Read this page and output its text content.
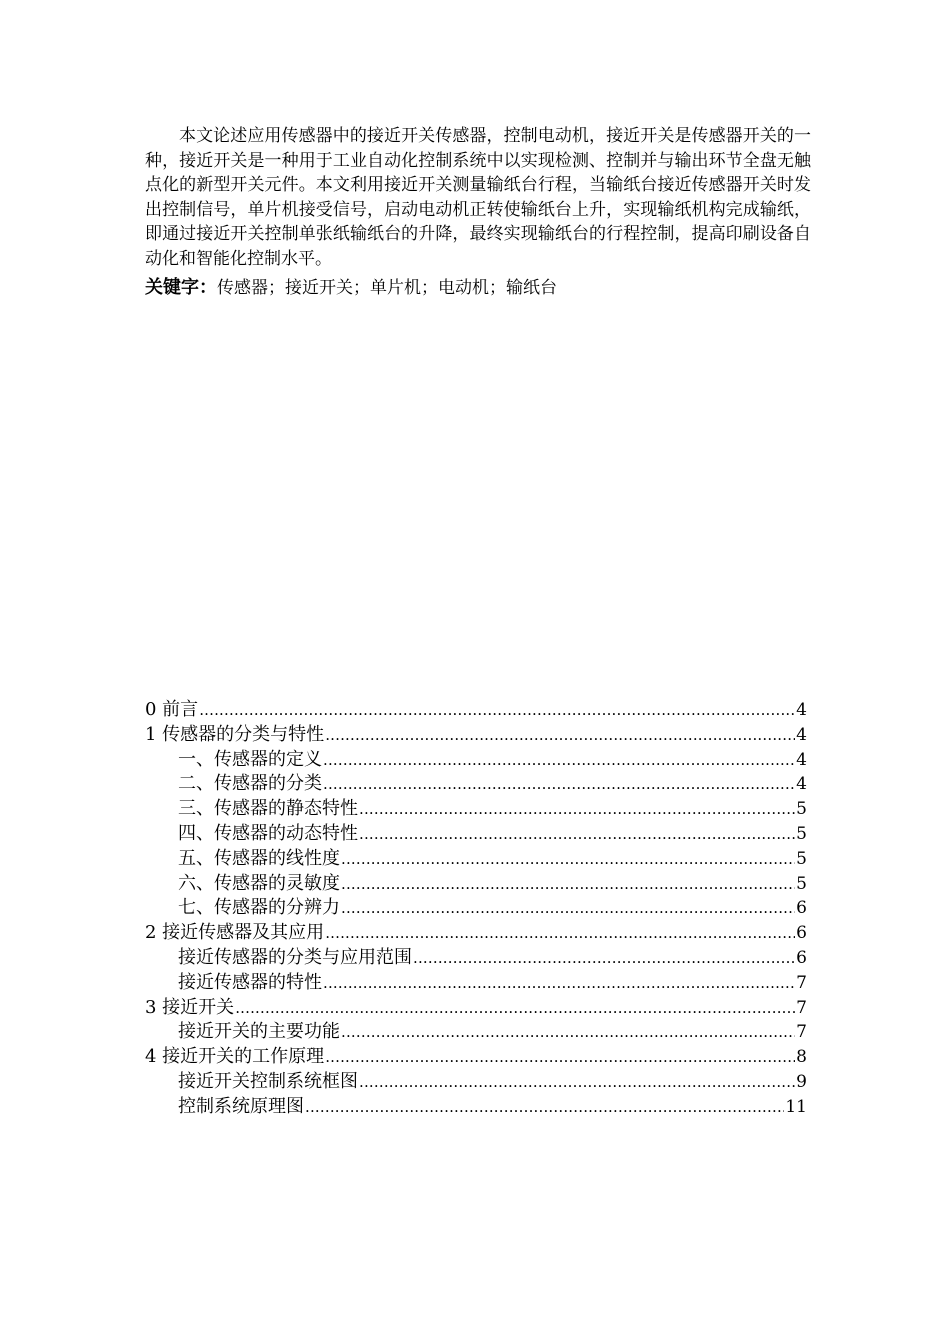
本文论述应用传感器中的接近开关传感器，控制电动机，接近开关是传感器开关的一种，接近开关是一种用于工业自动化控制系统中以实现检测、控制并与输出环节全盘无触点化的新型开关元件。本文利用接近开关测量输纸台行程，当输纸台接近传感器开关时发出控制信号，单片机接受信号，启动电动机正转使输纸台上升，实现输纸机构完成输纸，即通过接近开关控制单张纸输纸台的升降，最终实现输纸台的行程控制，提高印刷设备自动化和智能化控制水平。

关键字：传感器；接近开关；单片机；电动机；输纸台

0 前言 .....	4
1 传感器的分类与特性 .....	4
一、传感器的定义 .....	4
二、传感器的分类 .....	4
三、传感器的静态特性 .....	5
四、传感器的动态特性 .....	5
五、传感器的线性度 .....	5
六、传感器的灵敏度 .....	5
七、传感器的分辨力 .....	6
2 接近传感器及其应用 .....	6
接近传感器的分类与应用范围 .....	6
接近传感器的特性 .....	7
3 接近开关 .....	7
接近开关的主要功能 .....	7
4 接近开关的工作原理 .....	8
接近开关控制系统框图 .....	9
控制系统原理图 .....	11
